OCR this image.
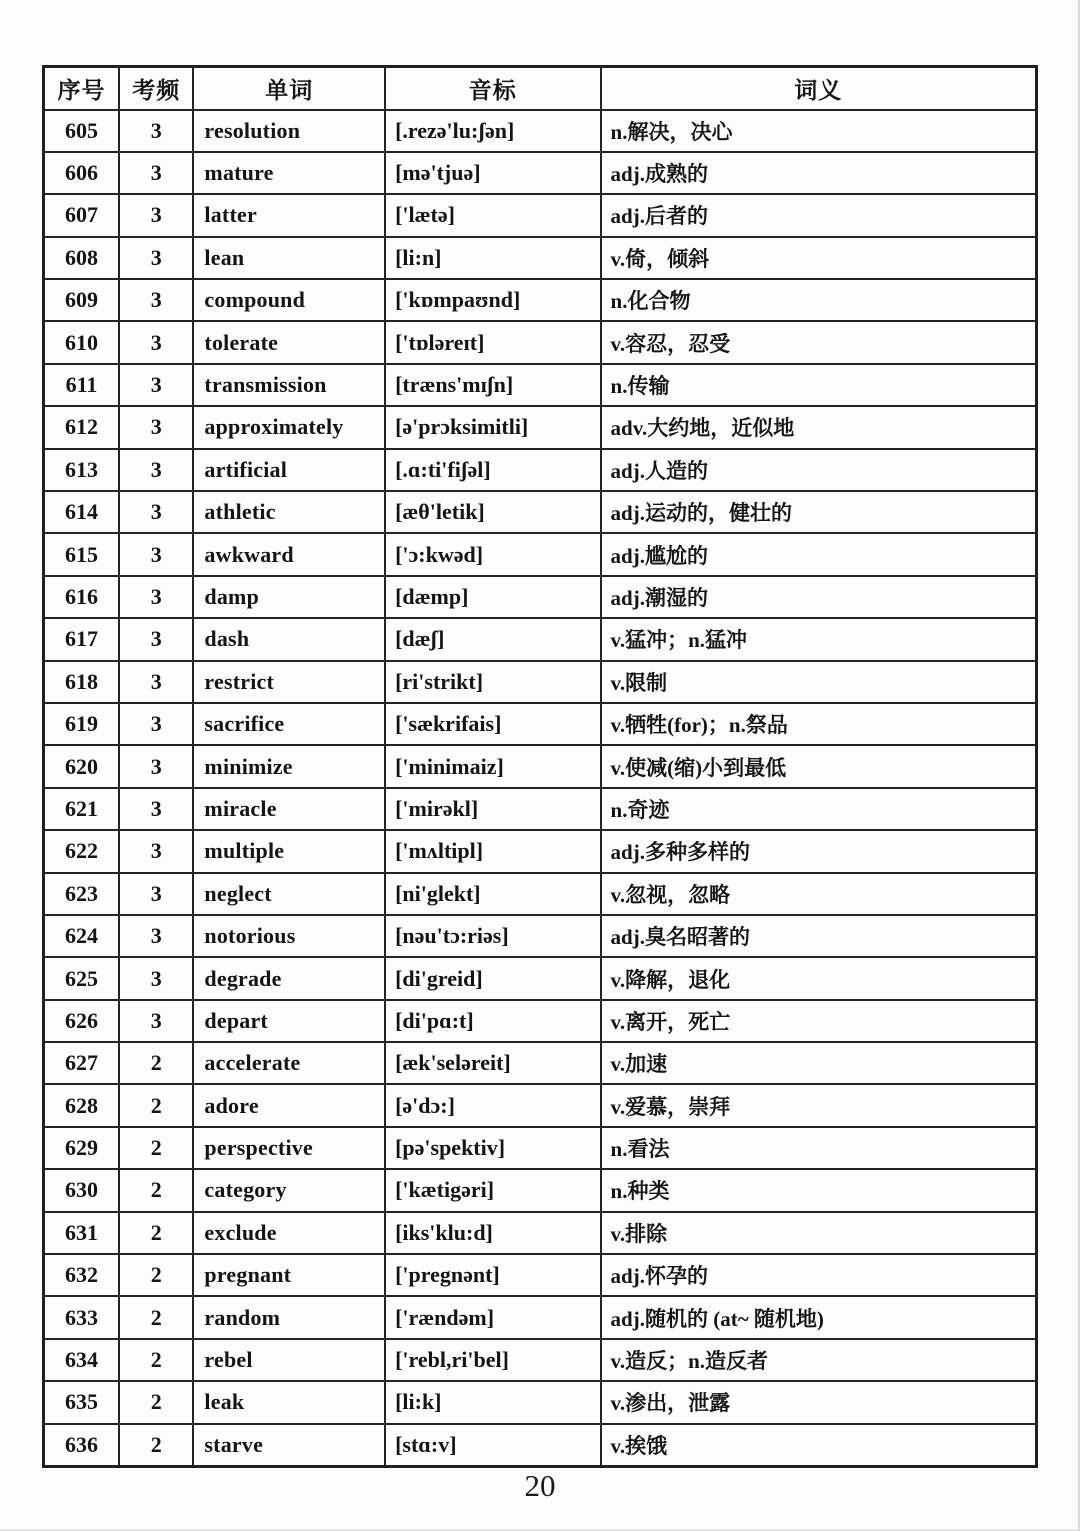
序号	考频	单词	音标	词义
605	3	resolution	[.rezə'lu:ʃən]	n.解决，决心
606	3	mature	[mə'tjuə]	adj.成熟的
607	3	latter	['lætə]	adj.后者的
608	3	lean	[li:n]	v.倚，倾斜
609	3	compound	['kɒmpaʊnd]	n.化合物
610	3	tolerate	['tɒləreɪt]	v.容忍，忍受
611	3	transmission	[træns'mɪʃn]	n.传输
612	3	approximately	[ə'prɔksimitli]	adv.大约地，近似地
613	3	artificial	[.ɑ:ti'fiʃəl]	adj.人造的
614	3	athletic	[æθ'letik]	adj.运动的，健壮的
615	3	awkward	['ɔ:kwəd]	adj.尴尬的
616	3	damp	[dæmp]	adj.潮湿的
617	3	dash	[dæʃ]	v.猛冲；n.猛冲
618	3	restrict	[ri'strikt]	v.限制
619	3	sacrifice	['sækrifais]	v.牺牲(for)；n.祭品
620	3	minimize	['minimaiz]	v.使减(缩)小到最低
621	3	miracle	['mirəkl]	n.奇迹
622	3	multiple	['mʌltipl]	adj.多种多样的
623	3	neglect	[ni'glekt]	v.忽视，忽略
624	3	notorious	[nəu'tɔ:riəs]	adj.臭名昭著的
625	3	degrade	[di'greid]	v.降解，退化
626	3	depart	[di'pɑ:t]	v.离开，死亡
627	2	accelerate	[æk'seləreit]	v.加速
628	2	adore	[ə'dɔ:]	v.爱慕，崇拜
629	2	perspective	[pə'spektiv]	n.看法
630	2	category	['kætigəri]	n.种类
631	2	exclude	[iks'klu:d]	v.排除
632	2	pregnant	['pregnənt]	adj.怀孕的
633	2	random	['rændəm]	adj.随机的 (at~ 随机地)
634	2	rebel	['rebl,ri'bel]	v.造反；n.造反者
635	2	leak	[li:k]	v.渗出，泄露
636	2	starve	[stɑ:v]	v.挨饿
20
